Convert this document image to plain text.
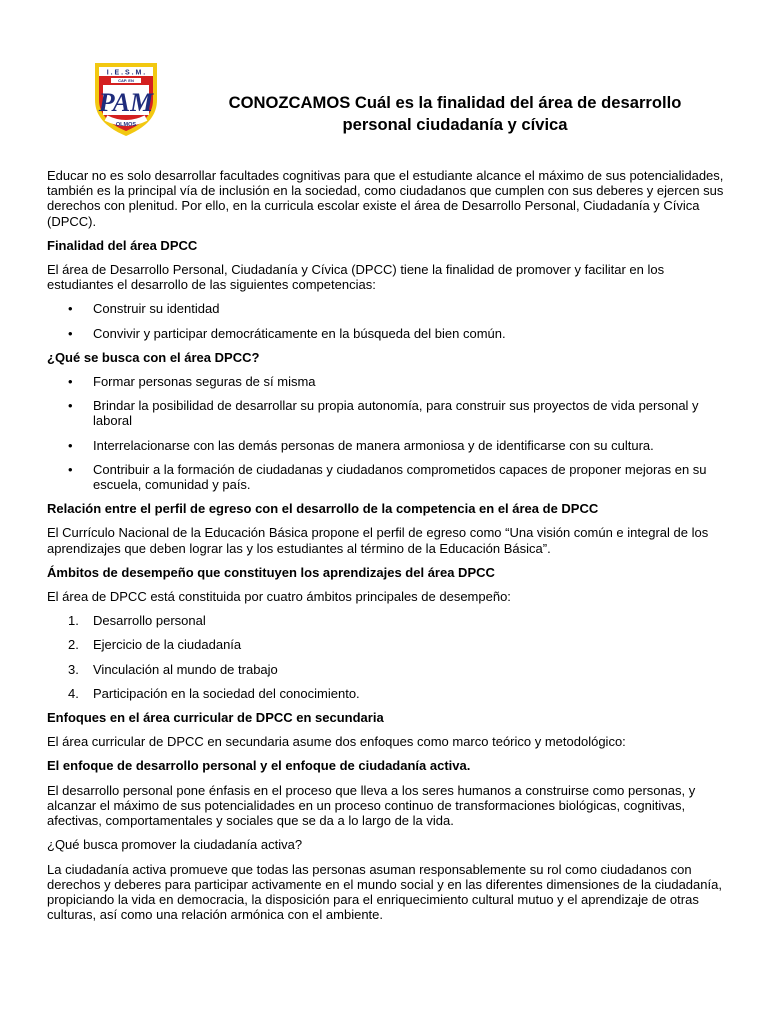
I . E . S . M .
CAP. EN
PAM
OLMOS
CONOZCAMOS Cuál es la finalidad del área de desarrollo
personal ciudadanía y cívica

Educar no es solo desarrollar facultades cognitivas para que el estudiante alcance el máximo de sus potencialidades, también es la principal vía de inclusión en la sociedad, como ciudadanos que cumplen con sus deberes y ejercen sus derechos con plenitud. Por ello, en la curricula escolar existe el área de Desarrollo Personal, Ciudadanía y Cívica (DPCC).

Finalidad del área DPCC

El área de Desarrollo Personal, Ciudadanía y Cívica (DPCC) tiene la finalidad de promover y facilitar en los estudiantes el desarrollo de las siguientes competencias:

• Construir su identidad
• Convivir y participar democráticamente en la búsqueda del bien común.
¿Qué se busca con el área DPCC?
• Formar personas seguras de sí misma
• Brindar la posibilidad de desarrollar su propia autonomía, para construir sus proyectos de vida personal y laboral
• Interrelacionarse con las demás personas de manera armoniosa y de identificarse con su cultura.
• Contribuir a la formación de ciudadanas y ciudadanos comprometidos capaces de proponer mejoras en su escuela, comunidad y país.
Relación entre el perfil de egreso con el desarrollo de la competencia en el área de DPCC

El Currículo Nacional de la Educación Básica propone el perfil de egreso como “Una visión común e integral de los aprendizajes que deben lograr las y los estudiantes al término de la Educación Básica”.

Ámbitos de desempeño que constituyen los aprendizajes del área DPCC

El área de DPCC está constituida por cuatro ámbitos principales de desempeño:

1. Desarrollo personal
2. Ejercicio de la ciudadanía
3. Vinculación al mundo de trabajo
4. Participación en la sociedad del conocimiento.
Enfoques en el área curricular de DPCC en secundaria

El área curricular de DPCC en secundaria asume dos enfoques como marco teórico y metodológico:

El enfoque de desarrollo personal y el enfoque de ciudadanía activa.

El desarrollo personal pone énfasis en el proceso que lleva a los seres humanos a construirse como personas, y alcanzar el máximo de sus potencialidades en un proceso continuo de transformaciones biológicas, cognitivas, afectivas, comportamentales y sociales que se da a lo largo de la vida.

¿Qué busca promover la ciudadanía activa?

La ciudadanía activa promueve que todas las personas asuman responsablemente su rol como ciudadanos con derechos y deberes para participar activamente en el mundo social y en las diferentes dimensiones de la ciudadanía, propiciando la vida en democracia, la disposición para el enriquecimiento cultural mutuo y el aprendizaje de otras culturas, así como una relación armónica con el ambiente.
